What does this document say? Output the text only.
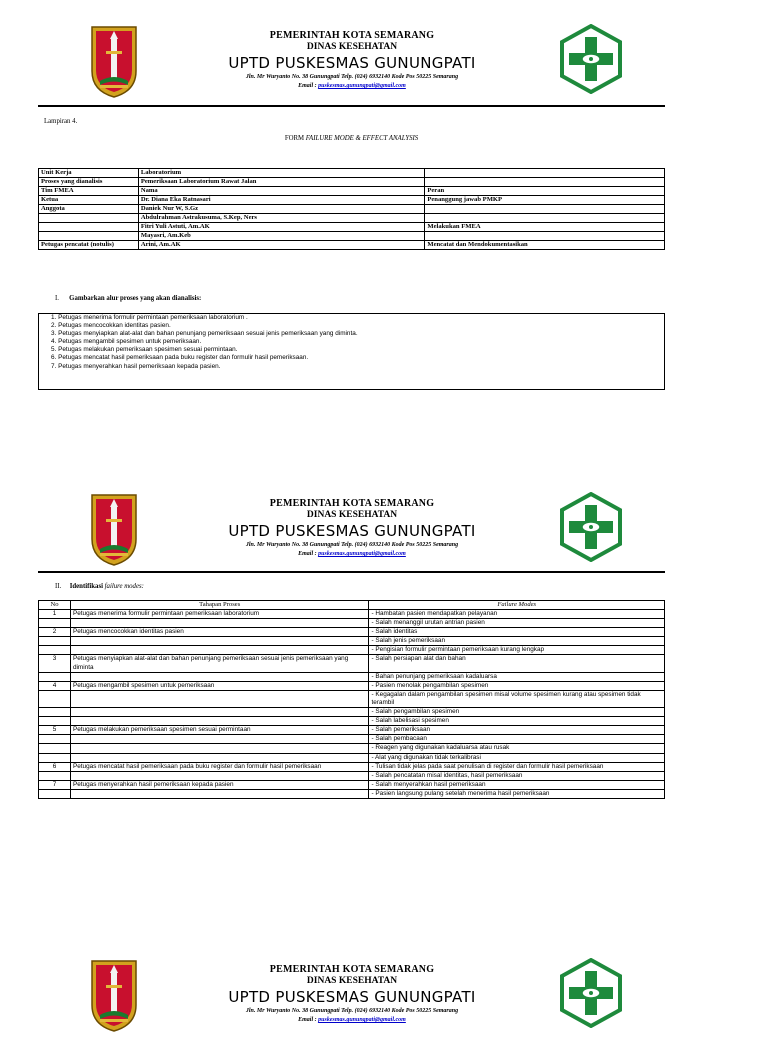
PEMERINTAH KOTA SEMARANG
DINAS KESEHATAN
UPTD PUSKESMAS GUNUNGPATI
Jln. Mr Wuryanto No. 38 Gunungpati Telp. (024) 6932140 Kode Pos 50225 Semarang
Email : puskesmas.gunungpati@gmail.com
Lampiran 4.
FORM FAILURE MODE & EFFECT ANALYSIS
Unit Kerja	Laboratorium	
Proses yang dianalisis	Pemeriksaan Laboratorium Rawat Jalan	
Tim FMEA	Nama	Peran
Ketua	Dr. Diana Eka Ratnasari	Penanggung jawab PMKP
Anggota	Daniek Nur W, S.Gz	
	Abdulrahman Astrakusuma, S.Kep, Ners	
	Fitri Yuli Astuti, Am.AK	Melakukan FMEA
	Mayasri, Am.Keb	
Petugas pencatat (notulis)	Arini, Am.AK	Mencatat dan Mendokumentasikan
I. Gambarkan alur proses yang akan dianalisis:
1. Petugas menerima formulir permintaan pemeriksaan laboratorium .
2. Petugas mencocokkan identitas pasien.
3. Petugas menyiapkan alat-alat dan bahan penunjang pemeriksaan sesuai jenis pemeriksaan yang diminta.
4. Petugas mengambil spesimen untuk pemeriksaan.
5. Petugas melakukan pemeriksaan spesimen sesuai permintaan.
6. Petugas mencatat hasil pemeriksaan pada buku register dan formulir hasil pemeriksaan.
7. Petugas menyerahkan hasil pemeriksaan kepada pasien.
PEMERINTAH KOTA SEMARANG
DINAS KESEHATAN
UPTD PUSKESMAS GUNUNGPATI
Jln. Mr Wuryanto No. 38 Gunungpati Telp. (024) 6932140 Kode Pos 50225 Semarang
Email : puskesmas.gunungpati@gmail.com
II. Identifikasi failure modes:
No	Tahapan Proses	Failure Modes
1	Petugas menerima formulir permintaan pemeriksaan laboratorium	- Hambatan pasien mendapatkan pelayanan
		- Salah menanggil urutan antrian pasien
2	Petugas mencocokkan identitas pasien	- Salah identitas
		- Salah jenis pemeriksaan
		- Pengisian formulir permintaan pemeriksaan kurang lengkap
3	Petugas menyiapkan alat-alat dan bahan penunjang pemeriksaan sesuai jenis pemeriksaan yang diminta	- Salah persiapan alat dan bahan
		- Bahan penunjang pemeriksaan kadaluarsa
4	Petugas mengambil spesimen untuk pemeriksaan	- Pasien menolak pengambilan spesimen
		- Kegagalan dalam pengambilan spesimen misal volume spesimen kurang atau spesimen tidak terambil
		- Salah pengambilan spesimen
		- Salah labelisasi spesimen
5	Petugas melakukan pemeriksaan spesimen sesuai permintaan	- Salah pemeriksaan
		- Salah pembacaan
		- Reagen yang digunakan kadaluarsa atau rusak
		- Alat yang digunakan tidak terkalibrasi
6	Petugas mencatat hasil pemeriksaan pada buku register dan formulir hasil pemeriksaan	- Tulisan tidak jelas pada saat penulisan di register dan formulir hasil pemeriksaan
		- Salah pencatatan misal identitas, hasil pemeriksaan
7	Petugas menyerahkan hasil pemeriksaan kepada pasien	- Salah menyerahkan hasil pemeriksaan
		- Pasien langsung pulang setelah menerima hasil pemeriksaan
PEMERINTAH KOTA SEMARANG
DINAS KESEHATAN
UPTD PUSKESMAS GUNUNGPATI
Jln. Mr Wuryanto No. 38 Gunungpati Telp. (024) 6932140 Kode Pos 50225 Semarang
Email : puskesmas.gunungpati@gmail.com
